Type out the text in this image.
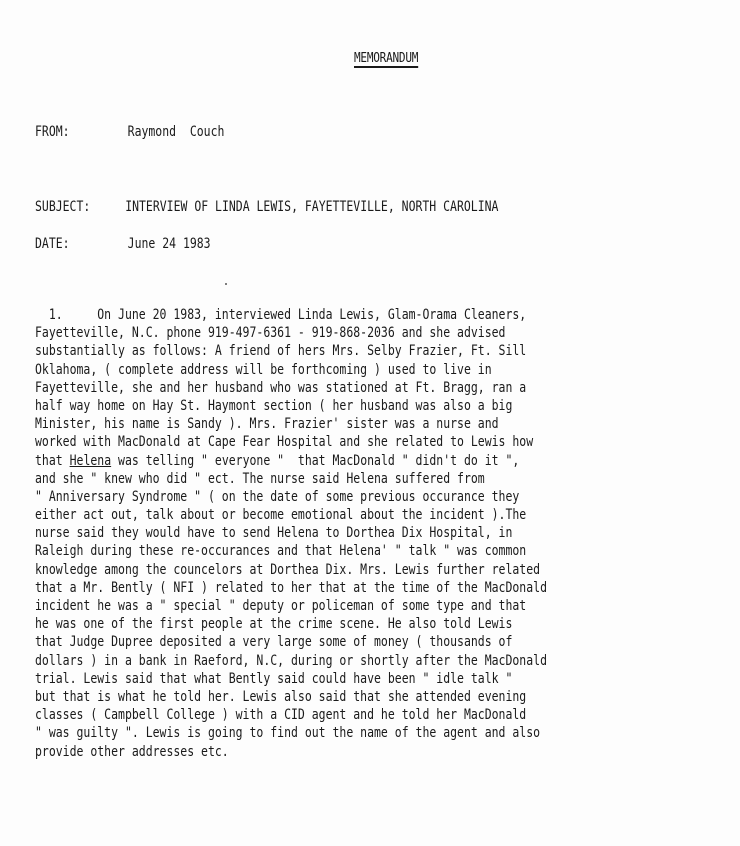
MEMORANDUM
FROM:	Raymond  Couch
SUBJECT: INTERVIEW OF LINDA LEWIS, FAYETTEVILLE, NORTH CAROLINA
DATE:	June 24 1983
1.     On June 20 1983, interviewed Linda Lewis, Glam-Orama Cleaners,
Fayetteville, N.C. phone 919-497-6361 - 919-868-2036 and she advised
substantially as follows: A friend of hers Mrs. Selby Frazier, Ft. Sill
Oklahoma, ( complete address will be forthcoming ) used to live in
Fayetteville, she and her husband who was stationed at Ft. Bragg, ran a
half way home on Hay St. Haymont section ( her husband was also a big
Minister, his name is Sandy ). Mrs. Frazier' sister was a nurse and
worked with MacDonald at Cape Fear Hospital and she related to Lewis how
that Helena was telling " everyone "  that MacDonald " didn't do it ",
and she " knew who did " ect. The nurse said Helena suffered from
" Anniversary Syndrome " ( on the date of some previous occurance they
either act out, talk about or become emotional about the incident ).The
nurse said they would have to send Helena to Dorthea Dix Hospital, in
Raleigh during these re-occurances and that Helena' " talk " was common
knowledge among the councelors at Dorthea Dix. Mrs. Lewis further related
that a Mr. Bently ( NFI ) related to her that at the time of the MacDonald
incident he was a " special " deputy or policeman of some type and that
he was one of the first people at the crime scene. He also told Lewis
that Judge Dupree deposited a very large some of money ( thousands of
dollars ) in a bank in Raeford, N.C, during or shortly after the MacDonald
trial. Lewis said that what Bently said could have been " idle talk "
but that is what he told her. Lewis also said that she attended evening
classes ( Campbell College ) with a CID agent and he told her MacDonald
" was guilty ". Lewis is going to find out the name of the agent and also
provide other addresses etc.
